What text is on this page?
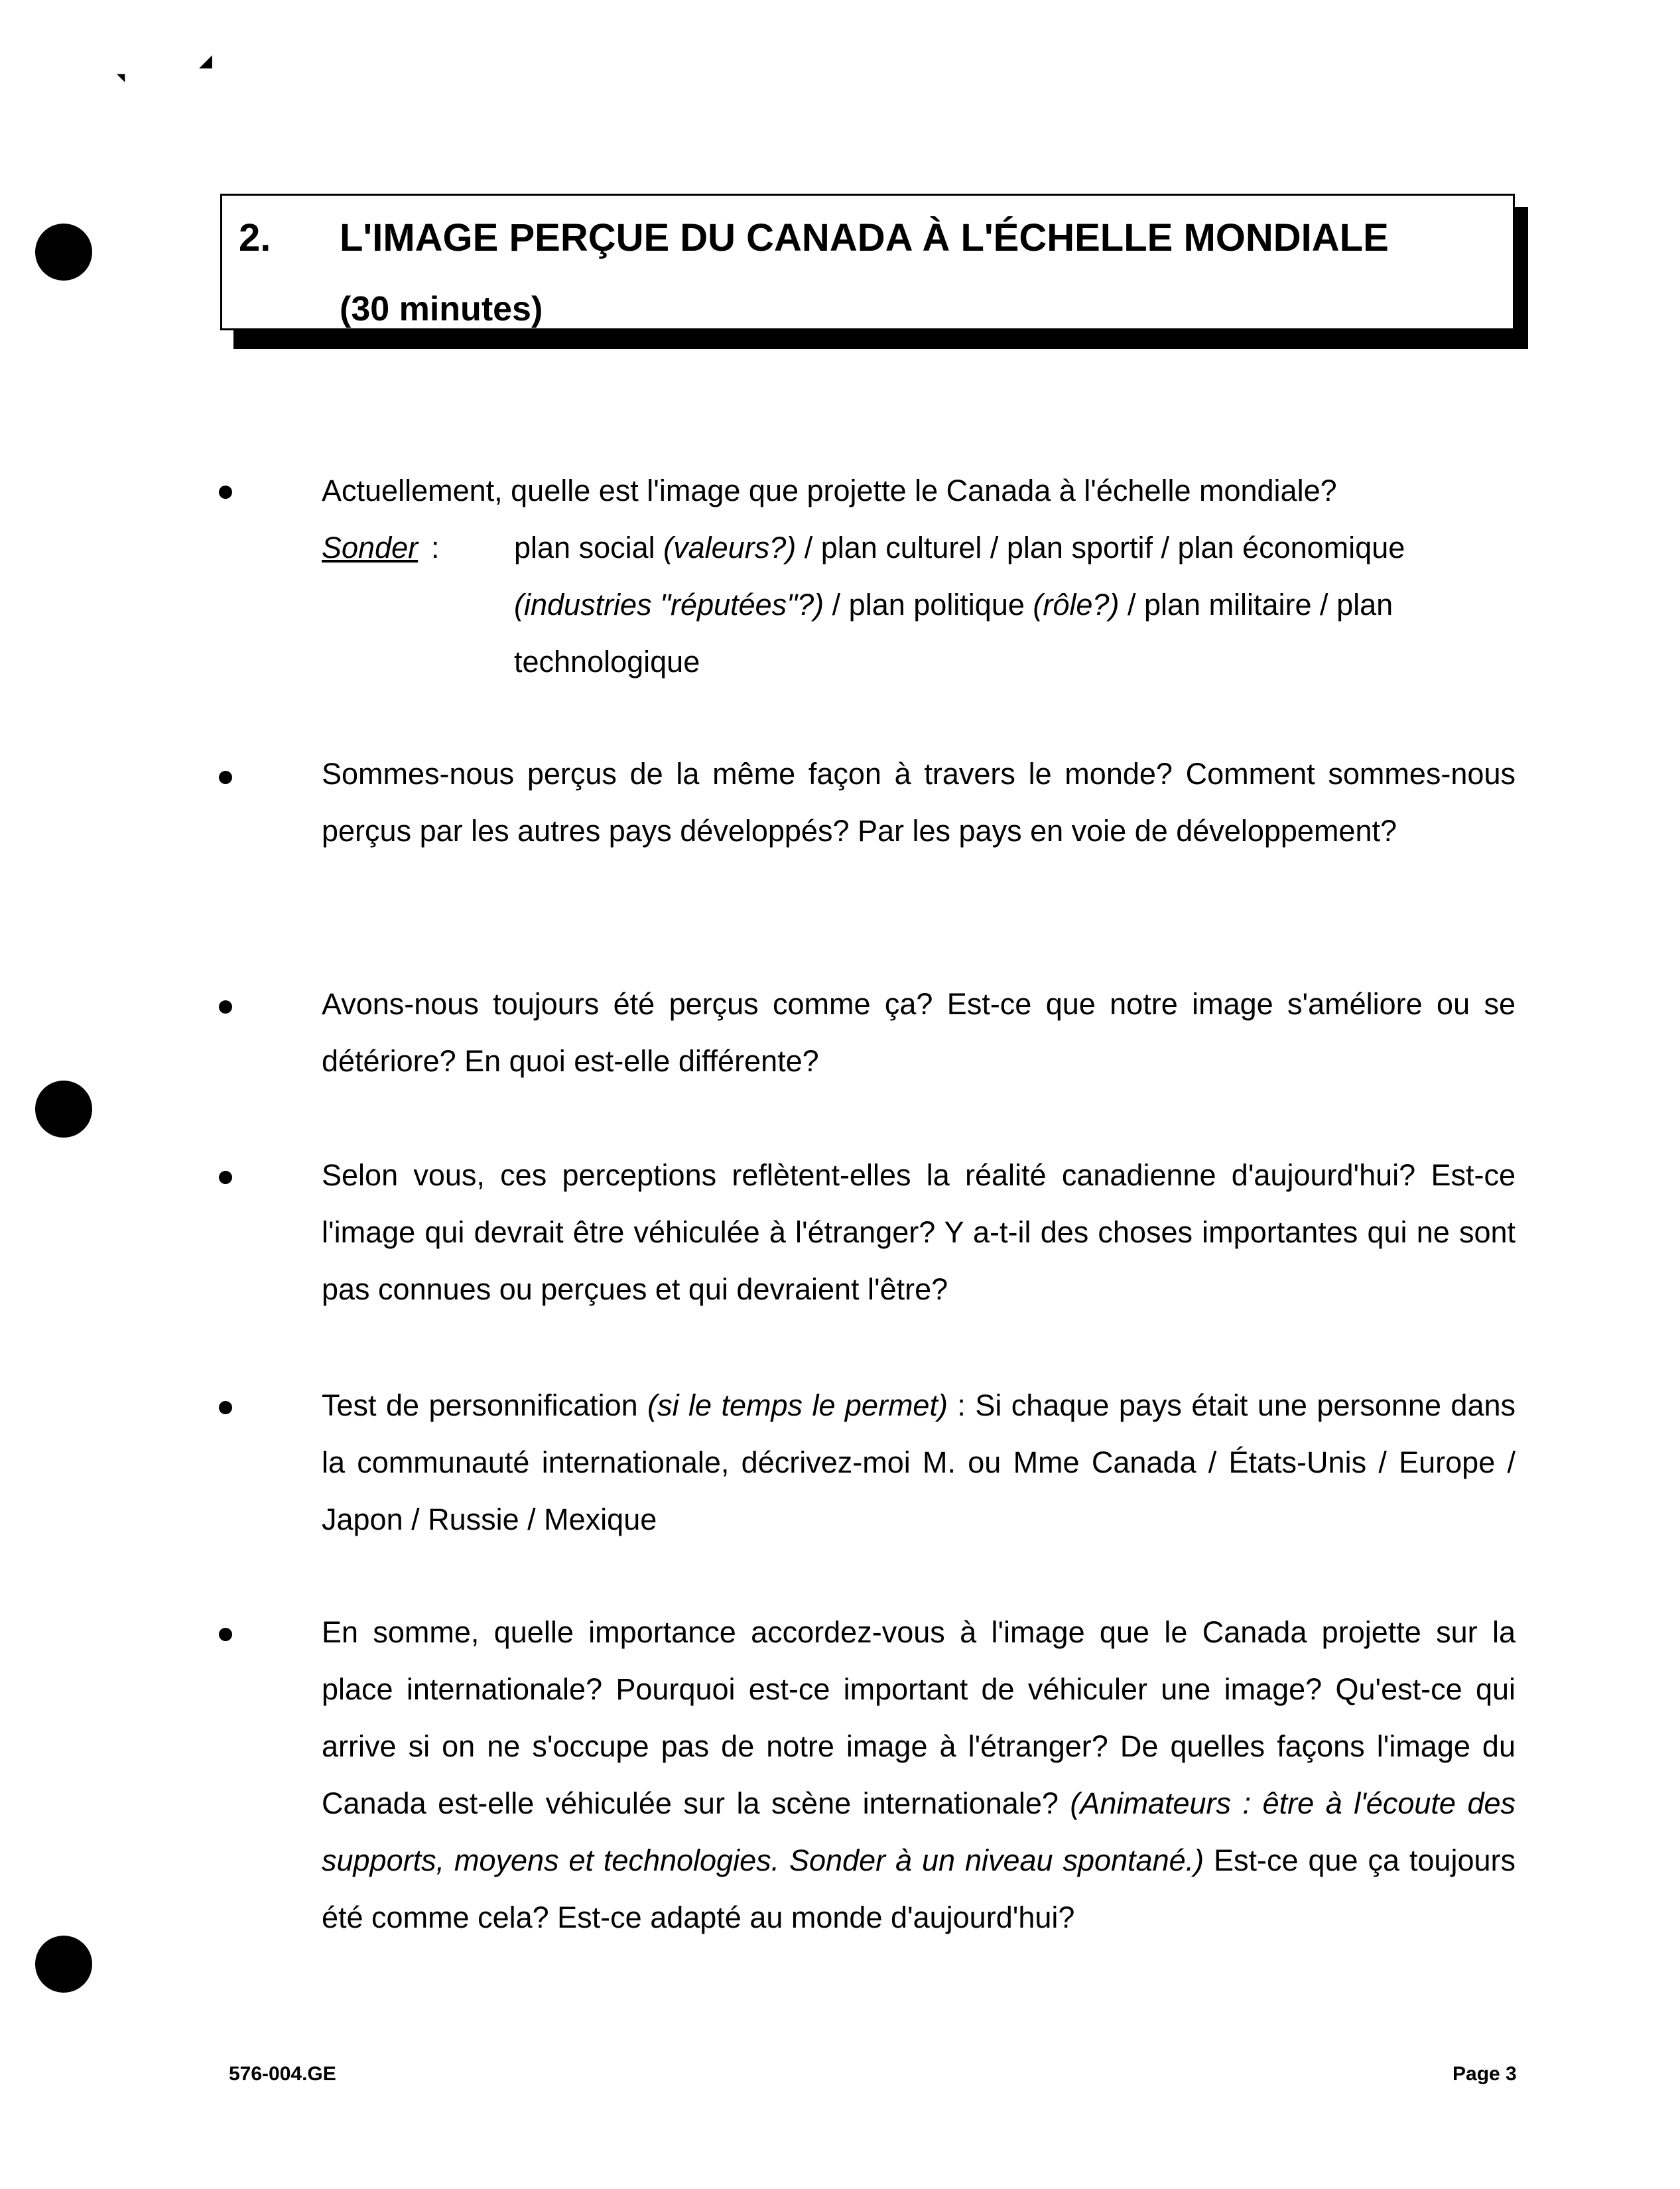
◢
◥
2. L'IMAGE PERÇUE DU CANADA À L'ÉCHELLE MONDIALE
(30 minutes)
Actuellement, quelle est l'image que projette le Canada à l'échelle mondiale?
Sonder : plan social (valeurs?) / plan culturel / plan sportif / plan économique (industries "réputées"?) / plan politique (rôle?) / plan militaire / plan technologique
Sommes-nous perçus de la même façon à travers le monde? Comment sommes-nous perçus par les autres pays développés? Par les pays en voie de développement?
Avons-nous toujours été perçus comme ça? Est-ce que notre image s'améliore ou se détériore? En quoi est-elle différente?
Selon vous, ces perceptions reflètent-elles la réalité canadienne d'aujourd'hui? Est-ce l'image qui devrait être véhiculée à l'étranger? Y a-t-il des choses importantes qui ne sont pas connues ou perçues et qui devraient l'être?
Test de personnification (si le temps le permet) : Si chaque pays était une personne dans la communauté internationale, décrivez-moi M. ou Mme Canada / États-Unis / Europe / Japon / Russie / Mexique
En somme, quelle importance accordez-vous à l'image que le Canada projette sur la place internationale? Pourquoi est-ce important de véhiculer une image? Qu'est-ce qui arrive si on ne s'occupe pas de notre image à l'étranger? De quelles façons l'image du Canada est-elle véhiculée sur la scène internationale? (Animateurs : être à l'écoute des supports, moyens et technologies. Sonder à un niveau spontané.) Est-ce que ça toujours été comme cela? Est-ce adapté au monde d'aujourd'hui?
576-004.GE	Page 3
